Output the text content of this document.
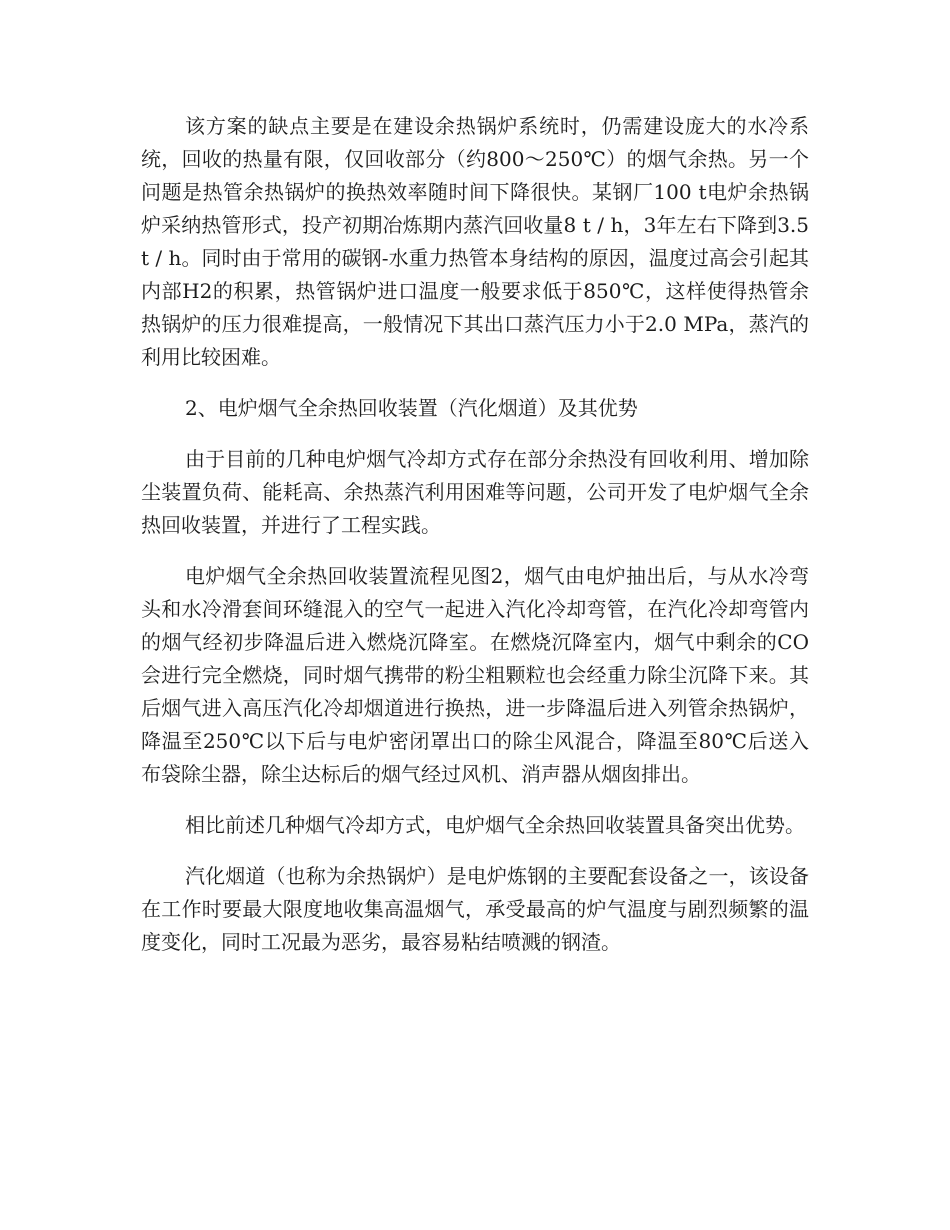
该方案的缺点主要是在建设余热锅炉系统时，仍需建设庞大的水冷系统，回收的热量有限，仅回收部分（约800～250℃）的烟气余热。另一个问题是热管余热锅炉的换热效率随时间下降很快。某钢厂100 t电炉余热锅炉采纳热管形式，投产初期冶炼期内蒸汽回收量8 t / h，3年左右下降到3.5 t / h。同时由于常用的碳钢-水重力热管本身结构的原因，温度过高会引起其内部H2的积累，热管锅炉进口温度一般要求低于850℃，这样使得热管余热锅炉的压力很难提高，一般情况下其出口蒸汽压力小于2.0 MPa，蒸汽的利用比较困难。

2、电炉烟气全余热回收装置（汽化烟道）及其优势

由于目前的几种电炉烟气冷却方式存在部分余热没有回收利用、增加除尘装置负荷、能耗高、余热蒸汽利用困难等问题，公司开发了电炉烟气全余热回收装置，并进行了工程实践。

电炉烟气全余热回收装置流程见图2，烟气由电炉抽出后，与从水冷弯头和水冷滑套间环缝混入的空气一起进入汽化冷却弯管，在汽化冷却弯管内的烟气经初步降温后进入燃烧沉降室。在燃烧沉降室内，烟气中剩余的CO会进行完全燃烧，同时烟气携带的粉尘粗颗粒也会经重力除尘沉降下来。其后烟气进入高压汽化冷却烟道进行换热，进一步降温后进入列管余热锅炉，降温至250℃以下后与电炉密闭罩出口的除尘风混合，降温至80℃后送入布袋除尘器，除尘达标后的烟气经过风机、消声器从烟囱排出。

相比前述几种烟气冷却方式，电炉烟气全余热回收装置具备突出优势。

汽化烟道（也称为余热锅炉）是电炉炼钢的主要配套设备之一，该设备在工作时要最大限度地收集高温烟气，承受最高的炉气温度与剧烈频繁的温度变化，同时工况最为恶劣，最容易粘结喷溅的钢渣。
